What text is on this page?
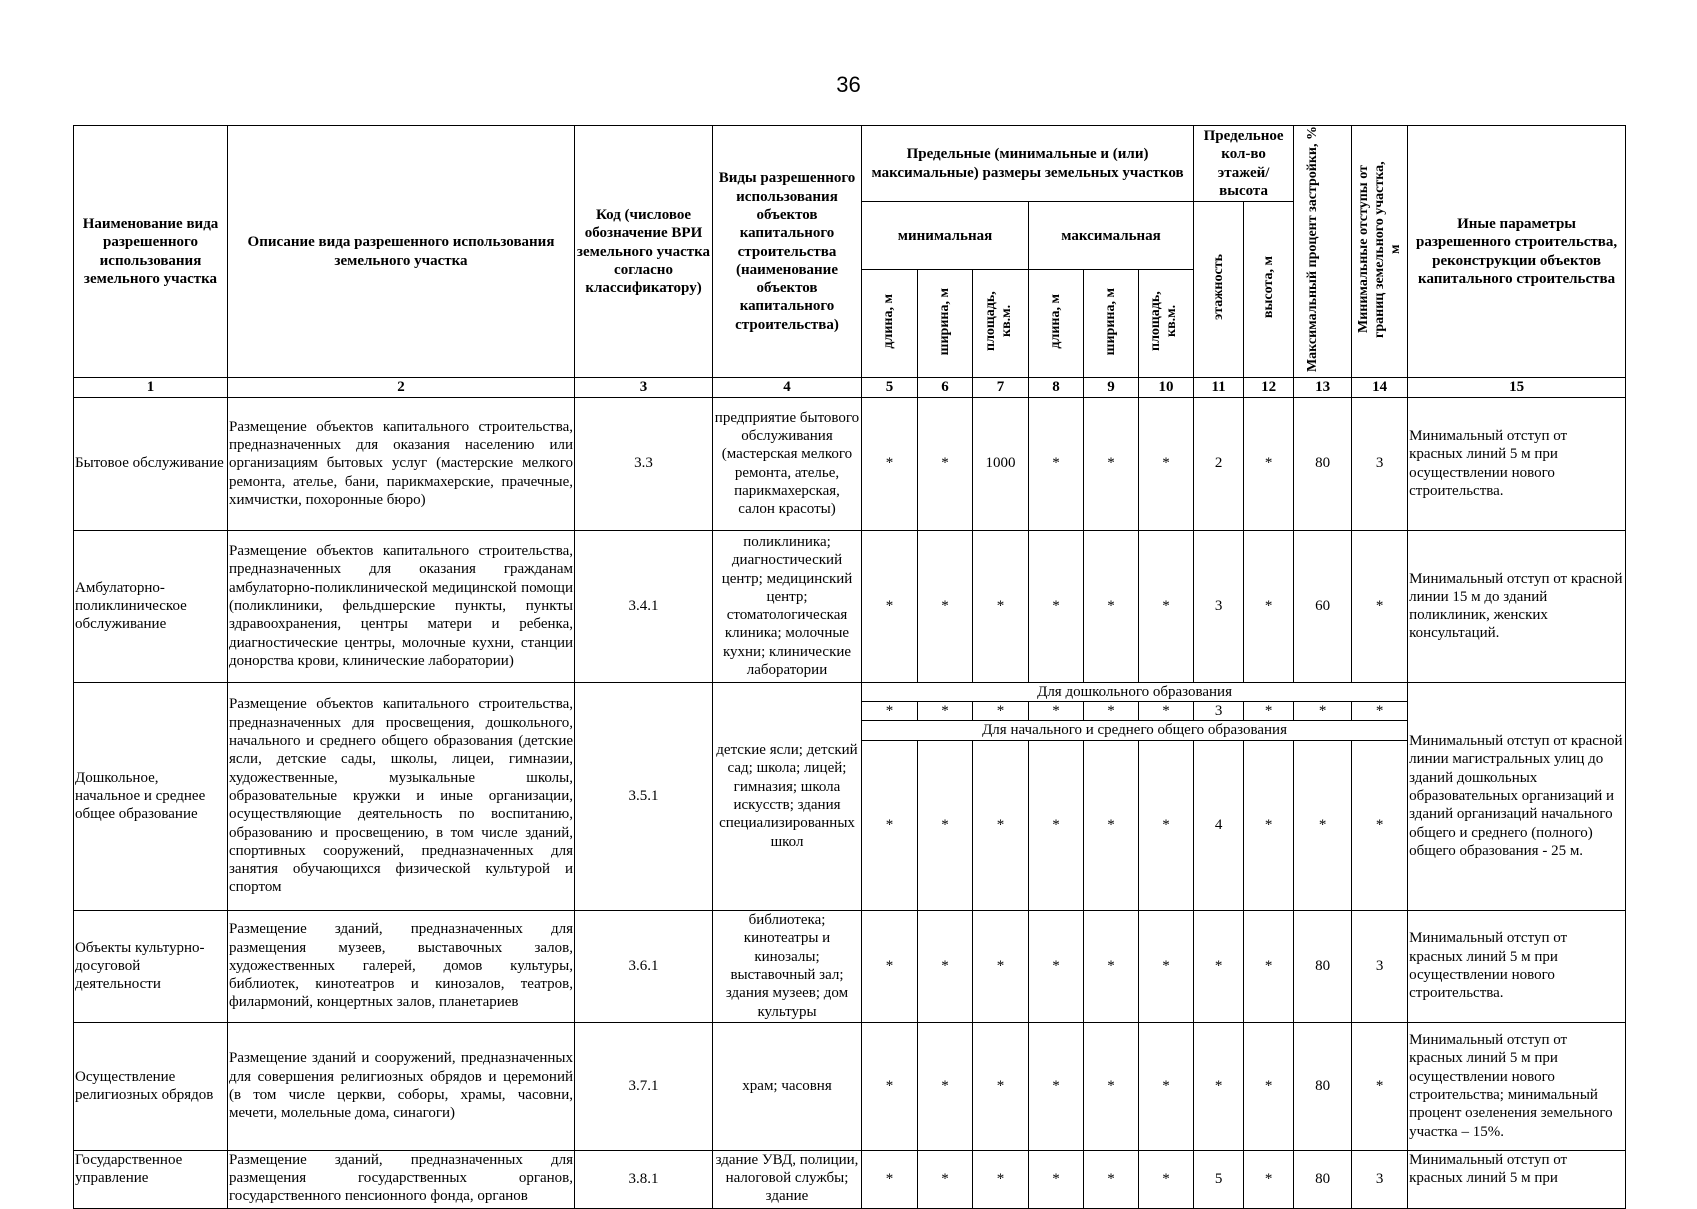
36
Наименование вида разрешенного использования земельного участка	Описание вида разрешенного использования земельного участка	Код (числовое обозначение ВРИ земельного участка согласно классификатору)	Виды разрешенного использования объектов капитального строительства (наименование объектов капитального строительства)	Предельные (минимальные и (или) максимальные) размеры земельных участков						Предельное кол-во этажей/ высота		Максимальный процент застройки, %	Минимальные отступы от границ земельного участка, м	Иные параметры разрешенного строительства, реконструкции объектов капитального строительства
				минимальная			максимальная			этажность	высота, м			
				длина, м	ширина, м	площадь, кв.м.	длина, м	ширина, м	площадь, кв.м.					
1	2	3	4	5	6	7	8	9	10	11	12	13	14	15
Бытовое обслуживание	Размещение объектов капитального строительства, предназначенных для оказания населению или организациям бытовых услуг (мастерские мелкого ремонта, ателье, бани, парикмахерские, прачечные, химчистки, похоронные бюро)	3.3	предприятие бытового обслуживания (мастерская мелкого ремонта, ателье, парикмахерская, салон красоты)	*	*	1000	*	*	*	2	*	80	3	Минимальный отступ от красных линий 5 м при осуществлении нового строительства.
Амбулаторно-поликлиническое обслуживание	Размещение объектов капитального строительства, предназначенных для оказания гражданам амбулаторно-поликлинической медицинской помощи (поликлиники, фельдшерские пункты, пункты здравоохранения, центры матери и ребенка, диагностические центры, молочные кухни, станции донорства крови, клинические лаборатории)	3.4.1	поликлиника; диагностический центр; медицинский центр; стоматологическая клиника; молочные кухни; клинические лаборатории	*	*	*	*	*	*	3	*	60	*	Минимальный отступ от красной линии 15 м до зданий поликлиник, женских консультаций.
Дошкольное, начальное и среднее общее образование	Размещение объектов капитального строительства, предназначенных для просвещения, дошкольного, начального и среднего общего образования (детские ясли, детские сады, школы, лицеи, гимназии, художественные, музыкальные школы, образовательные кружки и иные организации, осуществляющие деятельность по воспитанию, образованию и просвещению, в том числе зданий, спортивных сооружений, предназначенных для занятия обучающихся физической культурой и спортом	3.5.1	детские ясли; детский сад; школа; лицей; гимназия; школа искусств; здания специализированных школ	Для дошкольного образования										Минимальный отступ от красной линии магистральных улиц до зданий дошкольных образовательных организаций и зданий организаций начального общего и среднего (полного) общего образования - 25 м.
				*	*	*	*	*	*	3	*	*	*	
				Для начального и среднего общего образования										
				*	*	*	*	*	*	4	*	*	*	
Объекты культурно-досуговой деятельности	Размещение зданий, предназначенных для размещения музеев, выставочных залов, художественных галерей, домов культуры, библиотек, кинотеатров и кинозалов, театров, филармоний, концертных залов, планетариев	3.6.1	библиотека; кинотеатры и кинозалы; выставочный зал; здания музеев; дом культуры	*	*	*	*	*	*	*	*	80	3	Минимальный отступ от красных линий 5 м при осуществлении нового строительства.
Осуществление религиозных обрядов	Размещение зданий и сооружений, предназначенных для совершения религиозных обрядов и церемоний (в том числе церкви, соборы, храмы, часовни, мечети, молельные дома, синагоги)	3.7.1	храм; часовня	*	*	*	*	*	*	*	*	80	*	Минимальный отступ от красных линий 5 м при осуществлении нового строительства; минимальный процент озеленения земельного участка – 15%.
Государственное управление	Размещение зданий, предназначенных для размещения государственных органов, государственного пенсионного фонда, органов	3.8.1	здание УВД, полиции, налоговой службы; здание	*	*	*	*	*	*	5	*	80	3	Минимальный отступ от красных линий 5 м при
